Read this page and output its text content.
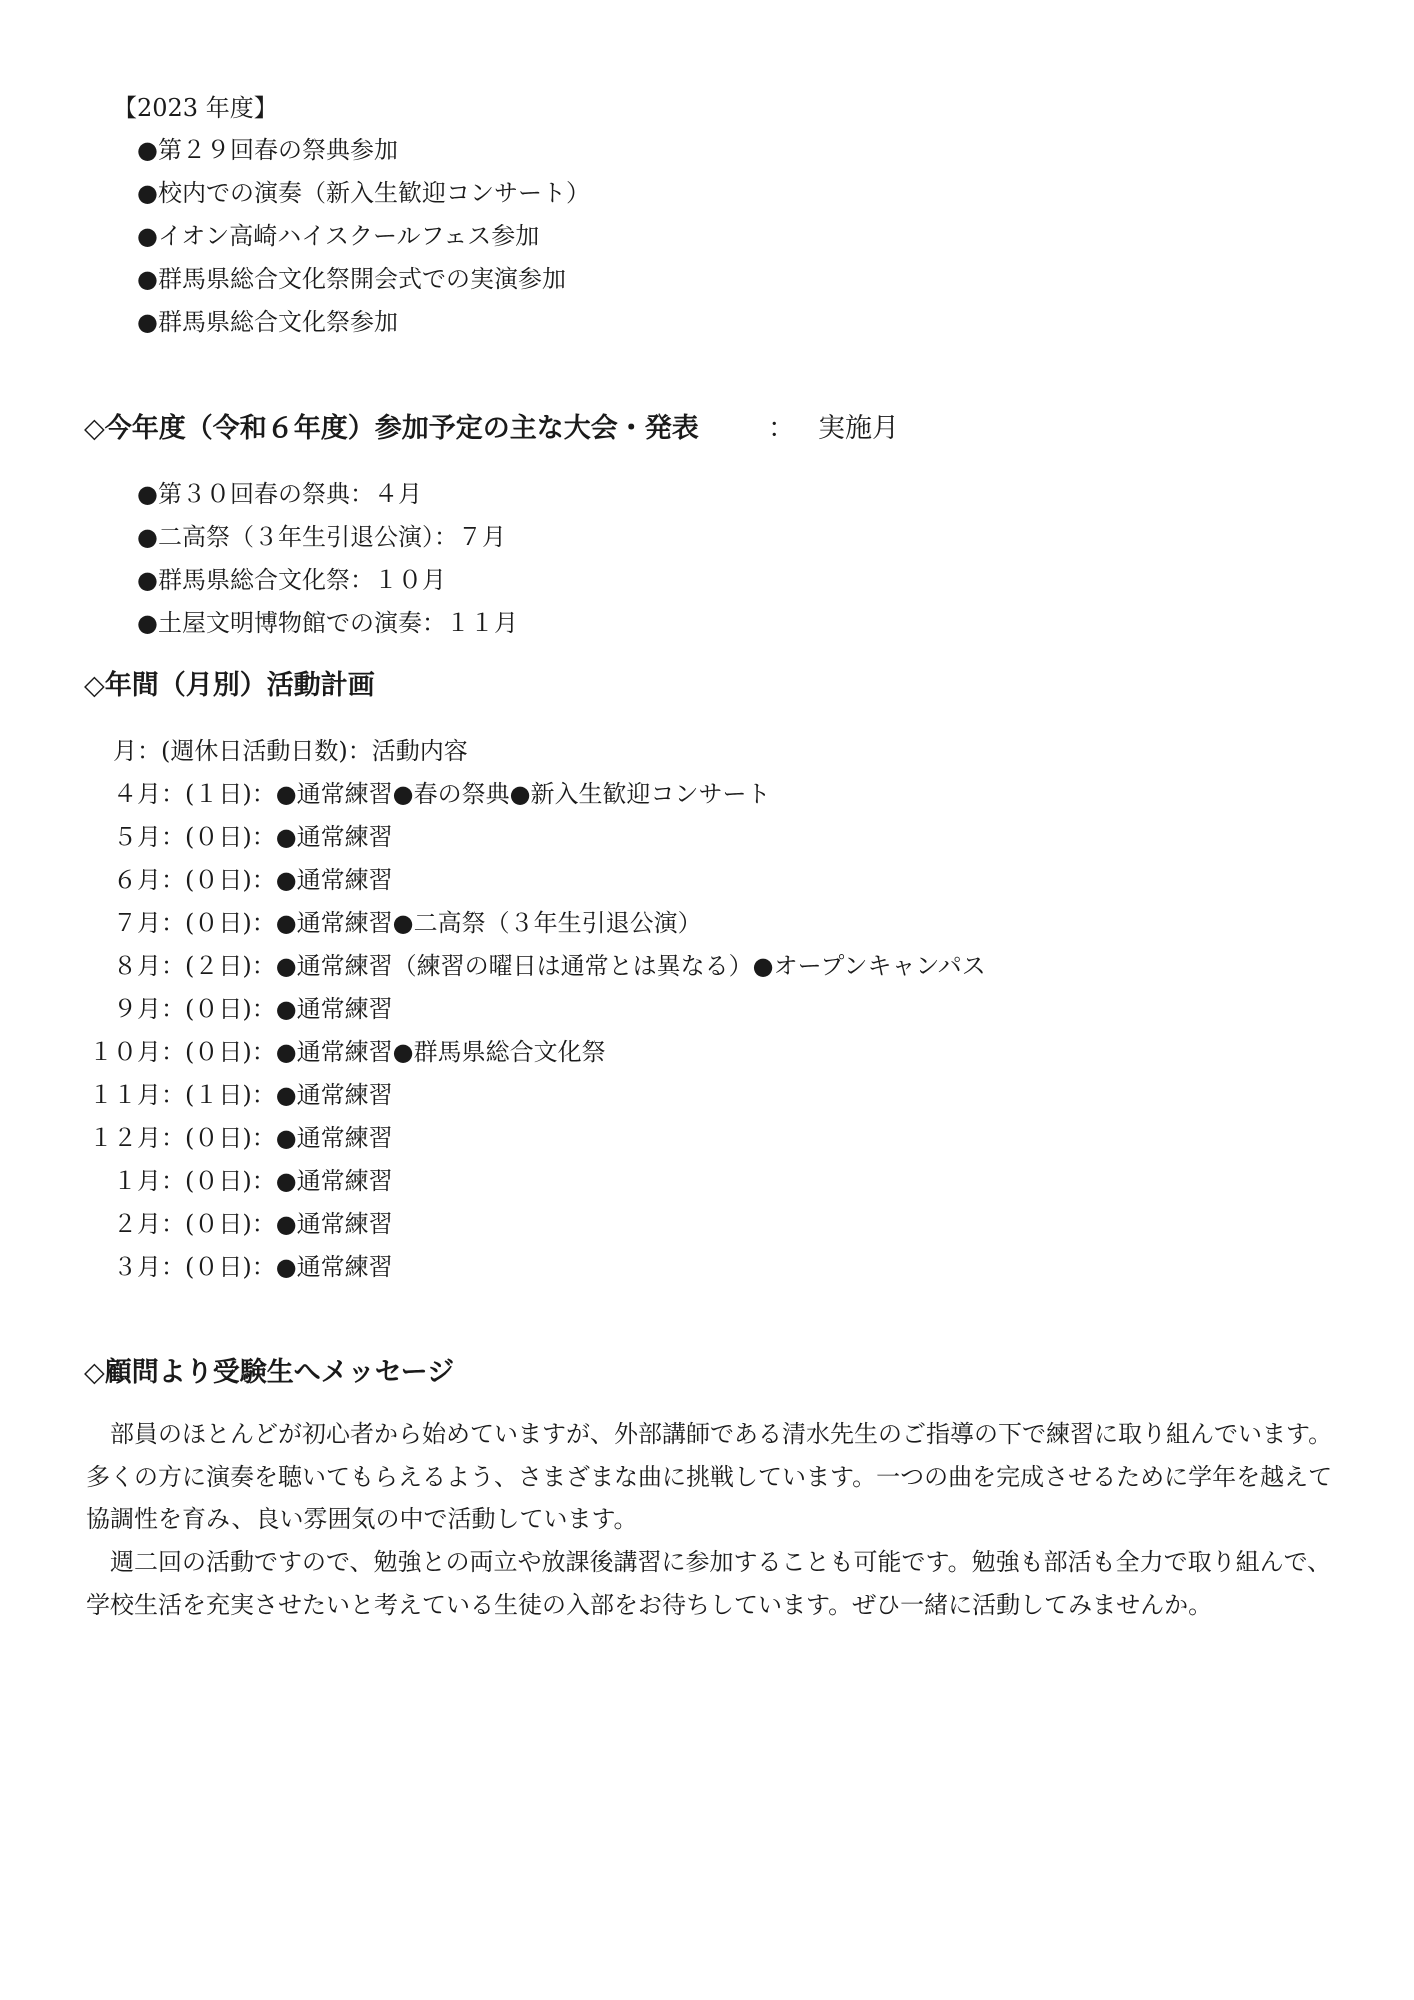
【2023 年度】
●第２９回春の祭典参加
●校内での演奏（新入生歓迎コンサート）
●イオン高崎ハイスクールフェス参加
●群馬県総合文化祭開会式での実演参加
●群馬県総合文化祭参加
◇今年度（令和６年度）参加予定の主な大会・発表	： 実施月
●第３０回春の祭典：４月
●二高祭（３年生引退公演）：７月
●群馬県総合文化祭：１０月
●土屋文明博物館での演奏：１１月
◇年間（月別）活動計画
月：(週休日活動日数)：活動内容
４月：(１日)：●通常練習●春の祭典●新入生歓迎コンサート
５月：(０日)：●通常練習
６月：(０日)：●通常練習
７月：(０日)：●通常練習●二高祭（３年生引退公演）
８月：(２日)：●通常練習（練習の曜日は通常とは異なる）●オープンキャンパス
９月：(０日)：●通常練習
１０月：(０日)：●通常練習●群馬県総合文化祭
１１月：(１日)：●通常練習
１２月：(０日)：●通常練習
１月：(０日)：●通常練習
２月：(０日)：●通常練習
３月：(０日)：●通常練習
◇顧問より受験生へメッセージ
部員のほとんどが初心者から始めていますが、外部講師である清水先生のご指導の下で練習に取り組んでいます。多くの方に演奏を聴いてもらえるよう、さまざまな曲に挑戦しています。一つの曲を完成させるために学年を越えて協調性を育み、良い雰囲気の中で活動しています。
週二回の活動ですので、勉強との両立や放課後講習に参加することも可能です。勉強も部活も全力で取り組んで、学校生活を充実させたいと考えている生徒の入部をお待ちしています。ぜひ一緒に活動してみませんか。
